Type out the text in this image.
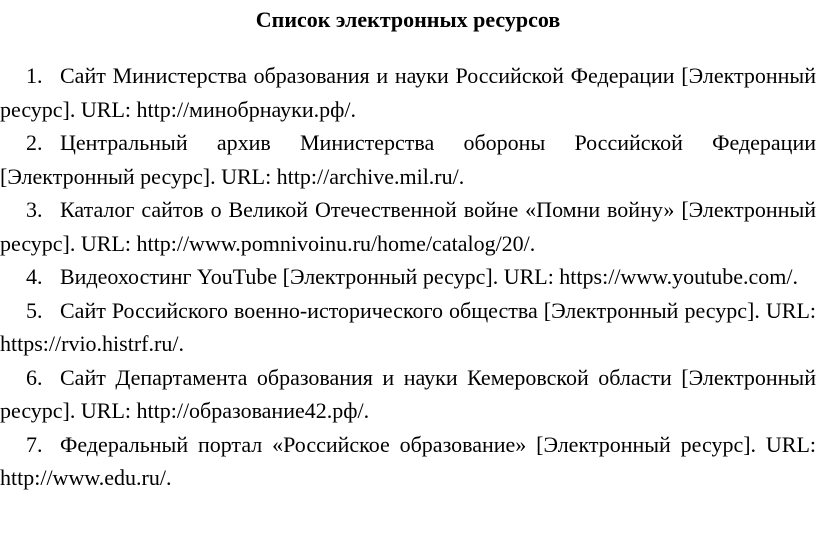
Список электронных ресурсов
1. Сайт Министерства образования и науки Российской Федерации [Электронный ресурс]. URL: http://минобрнауки.рф/.
2. Центральный архив Министерства обороны Российской Федерации [Электронный ресурс]. URL: http://archive.mil.ru/.
3. Каталог сайтов о Великой Отечественной войне «Помни войну» [Электронный ресурс]. URL: http://www.pomnivoinu.ru/home/catalog/20/.
4. Видеохостинг YouTube [Электронный ресурс]. URL: https://www.youtube.com/.
5. Сайт Российского военно-исторического общества [Электронный ресурс]. URL: https://rvio.histrf.ru/.
6. Сайт Департамента образования и науки Кемеровской области [Электронный ресурс]. URL: http://образование42.рф/.
7. Федеральный портал «Российское образование» [Электронный ресурс]. URL: http://www.edu.ru/.
